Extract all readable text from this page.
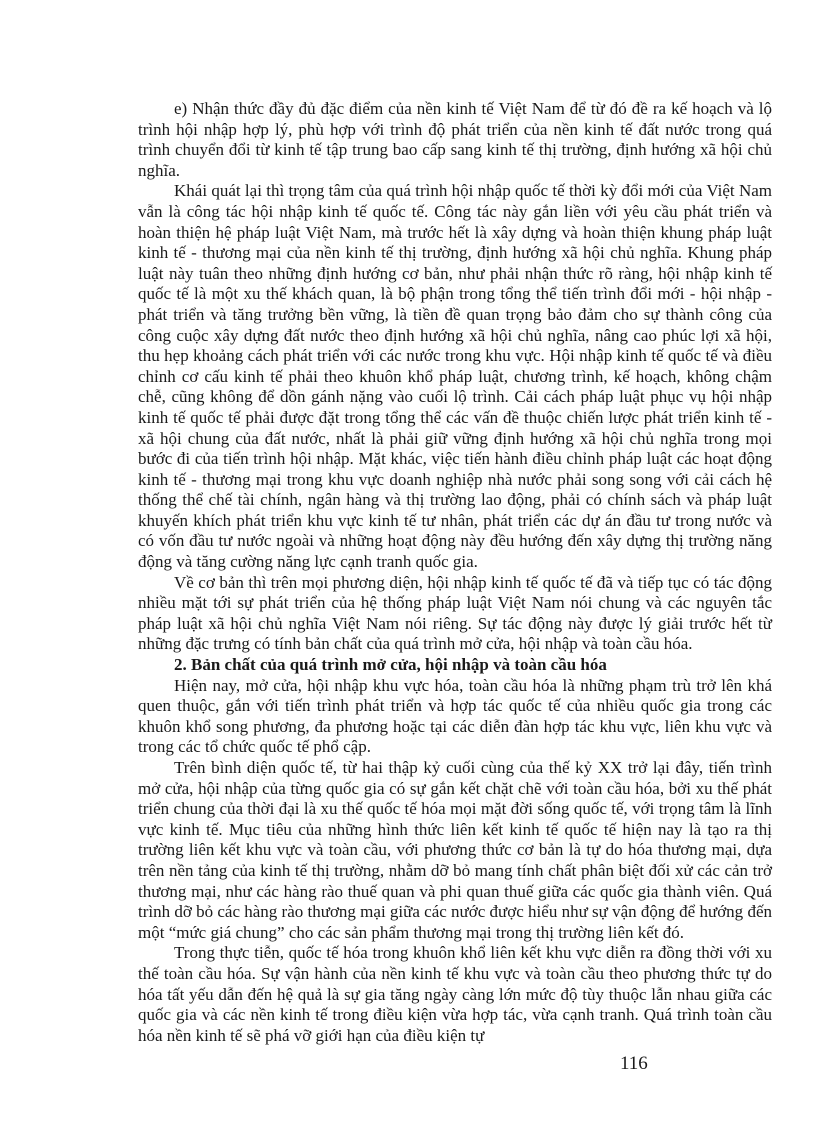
e) Nhận thức đầy đủ đặc điểm của nền kinh tế Việt Nam để từ đó đề ra kế hoạch và lộ trình hội nhập hợp lý, phù hợp với trình độ phát triển của nền kinh tế đất nước trong quá trình chuyển đổi từ kinh tế tập trung bao cấp sang kinh tế thị trường, định hướng xã hội chủ nghĩa.

Khái quát lại thì trọng tâm của quá trình hội nhập quốc tế thời kỳ đổi mới của Việt Nam vẫn là công tác hội nhập kinh tế quốc tế. Công tác này gắn liền với yêu cầu phát triển và hoàn thiện hệ pháp luật Việt Nam, mà trước hết là xây dựng và hoàn thiện khung pháp luật kinh tế - thương mại của nền kinh tế thị trường, định hướng xã hội chủ nghĩa. Khung pháp luật này tuân theo những định hướng cơ bản, như phải nhận thức rõ ràng, hội nhập kinh tế quốc tế là một xu thế khách quan, là bộ phận trong tổng thể tiến trình đổi mới - hội nhập - phát triển và tăng trưởng bền vững, là tiền đề quan trọng bảo đảm cho sự thành công của công cuộc xây dựng đất nước theo định hướng xã hội chủ nghĩa, nâng cao phúc lợi xã hội, thu hẹp khoảng cách phát triển với các nước trong khu vực. Hội nhập kinh tế quốc tế và điều chỉnh cơ cấu kinh tế phải theo khuôn khổ pháp luật, chương trình, kế hoạch, không chậm chễ, cũng không để dồn gánh nặng vào cuối lộ trình. Cải cách pháp luật phục vụ hội nhập kinh tế quốc tế phải được đặt trong tổng thể các vấn đề thuộc chiến lược phát triển kinh tế - xã hội chung của đất nước, nhất là phải giữ vững định hướng xã hội chủ nghĩa trong mọi bước đi của tiến trình hội nhập. Mặt khác, việc tiến hành điều chỉnh pháp luật các hoạt động kinh tế - thương mại trong khu vực doanh nghiệp nhà nước phải song song với cải cách hệ thống thể chế tài chính, ngân hàng và thị trường lao động, phải có chính sách và pháp luật khuyến khích phát triển khu vực kinh tế tư nhân, phát triển các dự án đầu tư trong nước và có vốn đầu tư nước ngoài và những hoạt động này đều hướng đến xây dựng thị trường năng động và tăng cường năng lực cạnh tranh quốc gia.

Về cơ bản thì trên mọi phương diện, hội nhập kinh tế quốc tế đã và tiếp tục có tác động nhiều mặt tới sự phát triển của hệ thống pháp luật Việt Nam nói chung và các nguyên tắc pháp luật xã hội chủ nghĩa Việt Nam nói riêng. Sự tác động này được lý giải trước hết từ những đặc trưng có tính bản chất của quá trình mở cửa, hội nhập và toàn cầu hóa.

2. Bản chất của quá trình mở cửa, hội nhập và toàn cầu hóa

Hiện nay, mở cửa, hội nhập khu vực hóa, toàn cầu hóa là những phạm trù trở lên khá quen thuộc, gắn với tiến trình phát triển và hợp tác quốc tế của nhiều quốc gia trong các khuôn khổ song phương, đa phương hoặc tại các diễn đàn hợp tác khu vực, liên khu vực và trong các tổ chức quốc tế phổ cập.

Trên bình diện quốc tế, từ hai thập kỷ cuối cùng của thế kỷ XX trở lại đây, tiến trình mở cửa, hội nhập của từng quốc gia có sự gắn kết chặt chẽ với toàn cầu hóa, bởi xu thế phát triển chung của thời đại là xu thế quốc tế hóa mọi mặt đời sống quốc tế, với trọng tâm là lĩnh vực kinh tế. Mục tiêu của những hình thức liên kết kinh tế quốc tế hiện nay là tạo ra thị trường liên kết khu vực và toàn cầu, với phương thức cơ bản là tự do hóa thương mại, dựa trên nền tảng của kinh tế thị trường, nhằm dỡ bỏ mang tính chất phân biệt đối xử các cản trở thương mại, như các hàng rào thuế quan và phi quan thuế giữa các quốc gia thành viên. Quá trình dỡ bỏ các hàng rào thương mại giữa các nước được hiểu như sự vận động để hướng đến một “mức giá chung” cho các sản phẩm thương mại trong thị trường liên kết đó.

Trong thực tiễn, quốc tế hóa trong khuôn khổ liên kết khu vực diễn ra đồng thời với xu thế toàn cầu hóa. Sự vận hành của nền kinh tế khu vực và toàn cầu theo phương thức tự do hóa tất yếu dẫn đến hệ quả là sự gia tăng ngày càng lớn mức độ tùy thuộc lẫn nhau giữa các quốc gia và các nền kinh tế trong điều kiện vừa hợp tác, vừa cạnh tranh. Quá trình toàn cầu hóa nền kinh tế sẽ phá vỡ giới hạn của điều kiện tự

116
